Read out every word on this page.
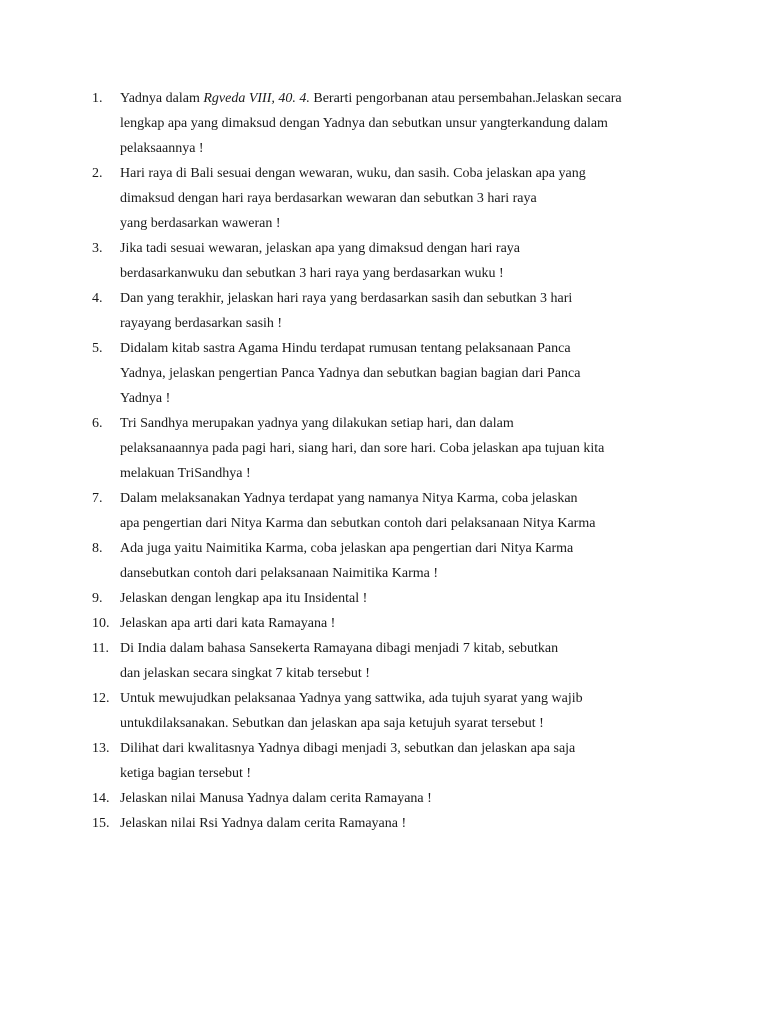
1.	Yadnya dalam Rgveda VIII, 40. 4. Berarti pengorbanan atau persembahan.Jelaskan secara
lengkap apa yang dimaksud dengan Yadnya dan sebutkan unsur yangterkandung dalam
pelaksaannya !
2.	Hari raya di Bali sesuai dengan wewaran, wuku, dan sasih. Coba jelaskan apa yang
dimaksud dengan hari raya berdasarkan wewaran dan sebutkan 3 hari raya
yang berdasarkan waweran !
3.	Jika tadi sesuai wewaran, jelaskan apa yang dimaksud dengan hari raya
berdasarkanwuku dan sebutkan 3 hari raya yang berdasarkan wuku !
4.	Dan yang terakhir, jelaskan hari raya yang berdasarkan sasih dan sebutkan 3 hari
rayayang berdasarkan sasih !
5.	Didalam kitab sastra Agama Hindu terdapat rumusan tentang pelaksanaan Panca
Yadnya, jelaskan pengertian Panca Yadnya dan sebutkan bagian bagian dari Panca
Yadnya !
6.	Tri Sandhya merupakan yadnya yang dilakukan setiap hari, dan dalam
pelaksanaannya pada pagi hari, siang hari, dan sore hari. Coba jelaskan apa tujuan kita
melakuan TriSandhya !
7.	Dalam melaksanakan Yadnya terdapat yang namanya Nitya Karma, coba jelaskan
apa pengertian dari Nitya Karma dan sebutkan contoh dari pelaksanaan Nitya Karma
8.	Ada juga yaitu Naimitika Karma, coba jelaskan apa pengertian dari Nitya Karma
dansebutkan contoh dari pelaksanaan Naimitika Karma !
9.	Jelaskan dengan lengkap apa itu Insidental !
10. Jelaskan apa arti dari kata Ramayana !
11. Di India dalam bahasa Sansekerta Ramayana dibagi menjadi 7 kitab, sebutkan
dan jelaskan secara singkat 7 kitab tersebut !
12. Untuk mewujudkan pelaksanaa Yadnya yang sattwika, ada tujuh syarat yang wajib
untukdilaksanakan. Sebutkan dan jelaskan apa saja ketujuh syarat tersebut !
13. Dilihat dari kwalitasnya Yadnya dibagi menjadi 3, sebutkan dan jelaskan apa saja
ketiga bagian tersebut !
14. Jelaskan nilai Manusa Yadnya dalam cerita Ramayana !
15. Jelaskan nilai Rsi Yadnya dalam cerita Ramayana !
